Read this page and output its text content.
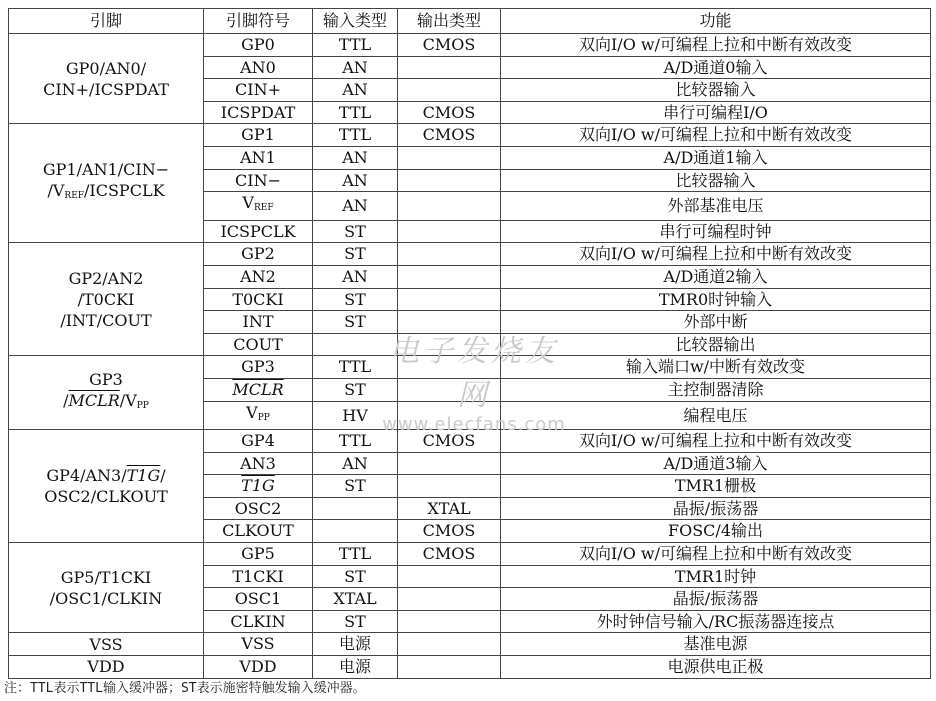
引脚	引脚符号	输入类型	输出类型	功能
GP0/AN0/
CIN+/ICSPDAT	GP0	TTL	CMOS	双向I/O w/可编程上拉和中断有效改变
	AN0	AN		A/D通道0输入
	CIN+	AN		比较器输入
	ICSPDAT	TTL	CMOS	串行可编程I/O
GP1/AN1/CIN−
$/V_{REF}$/ICSPCLK	GP1	TTL	CMOS	双向I/O w/可编程上拉和中断有效改变
	AN1	AN		A/D通道1输入
	CIN−	AN		比较器输入
	$V_{REF}$	AN		外部基准电压
	ICSPCLK	ST		串行可编程时钟
GP2/AN2
/T0CKI
/INT/COUT	GP2	ST		双向I/O w/可编程上拉和中断有效改变
	AN2	AN		A/D通道2输入
	T0CKI	ST		TMR0时钟输入
	INT	ST		外部中断
	COUT			比较器输出
GP3
$/MCLR/V_{PP}$	GP3	TTL		输入端口w/中断有效改变
	MCLR	ST		主控制器清除
	$V_{PP}$	HV		编程电压
GP4/AN3/T1G/
OSC2/CLKOUT	GP4	TTL	CMOS	双向I/O w/可编程上拉和中断有效改变
	AN3	AN		A/D通道3输入
	T1G	ST		TMR1栅极
	OSC2		XTAL	晶振/振荡器
	CLKOUT		CMOS	FOSC/4输出
GP5/T1CKI
/OSC1/CLKIN	GP5	TTL	CMOS	双向I/O w/可编程上拉和中断有效改变
	T1CKI	ST		TMR1时钟
	OSC1	XTAL		晶振/振荡器
	CLKIN	ST		外时钟信号输入/RC振荡器连接点
VSS	VSS	电源		基准电源
VDD	VDD	电源		电源供电正极
电子发烧友网
www.elecfans.com
注：TTL表示TTL输入缓冲器；ST表示施密特触发输入缓冲器。
